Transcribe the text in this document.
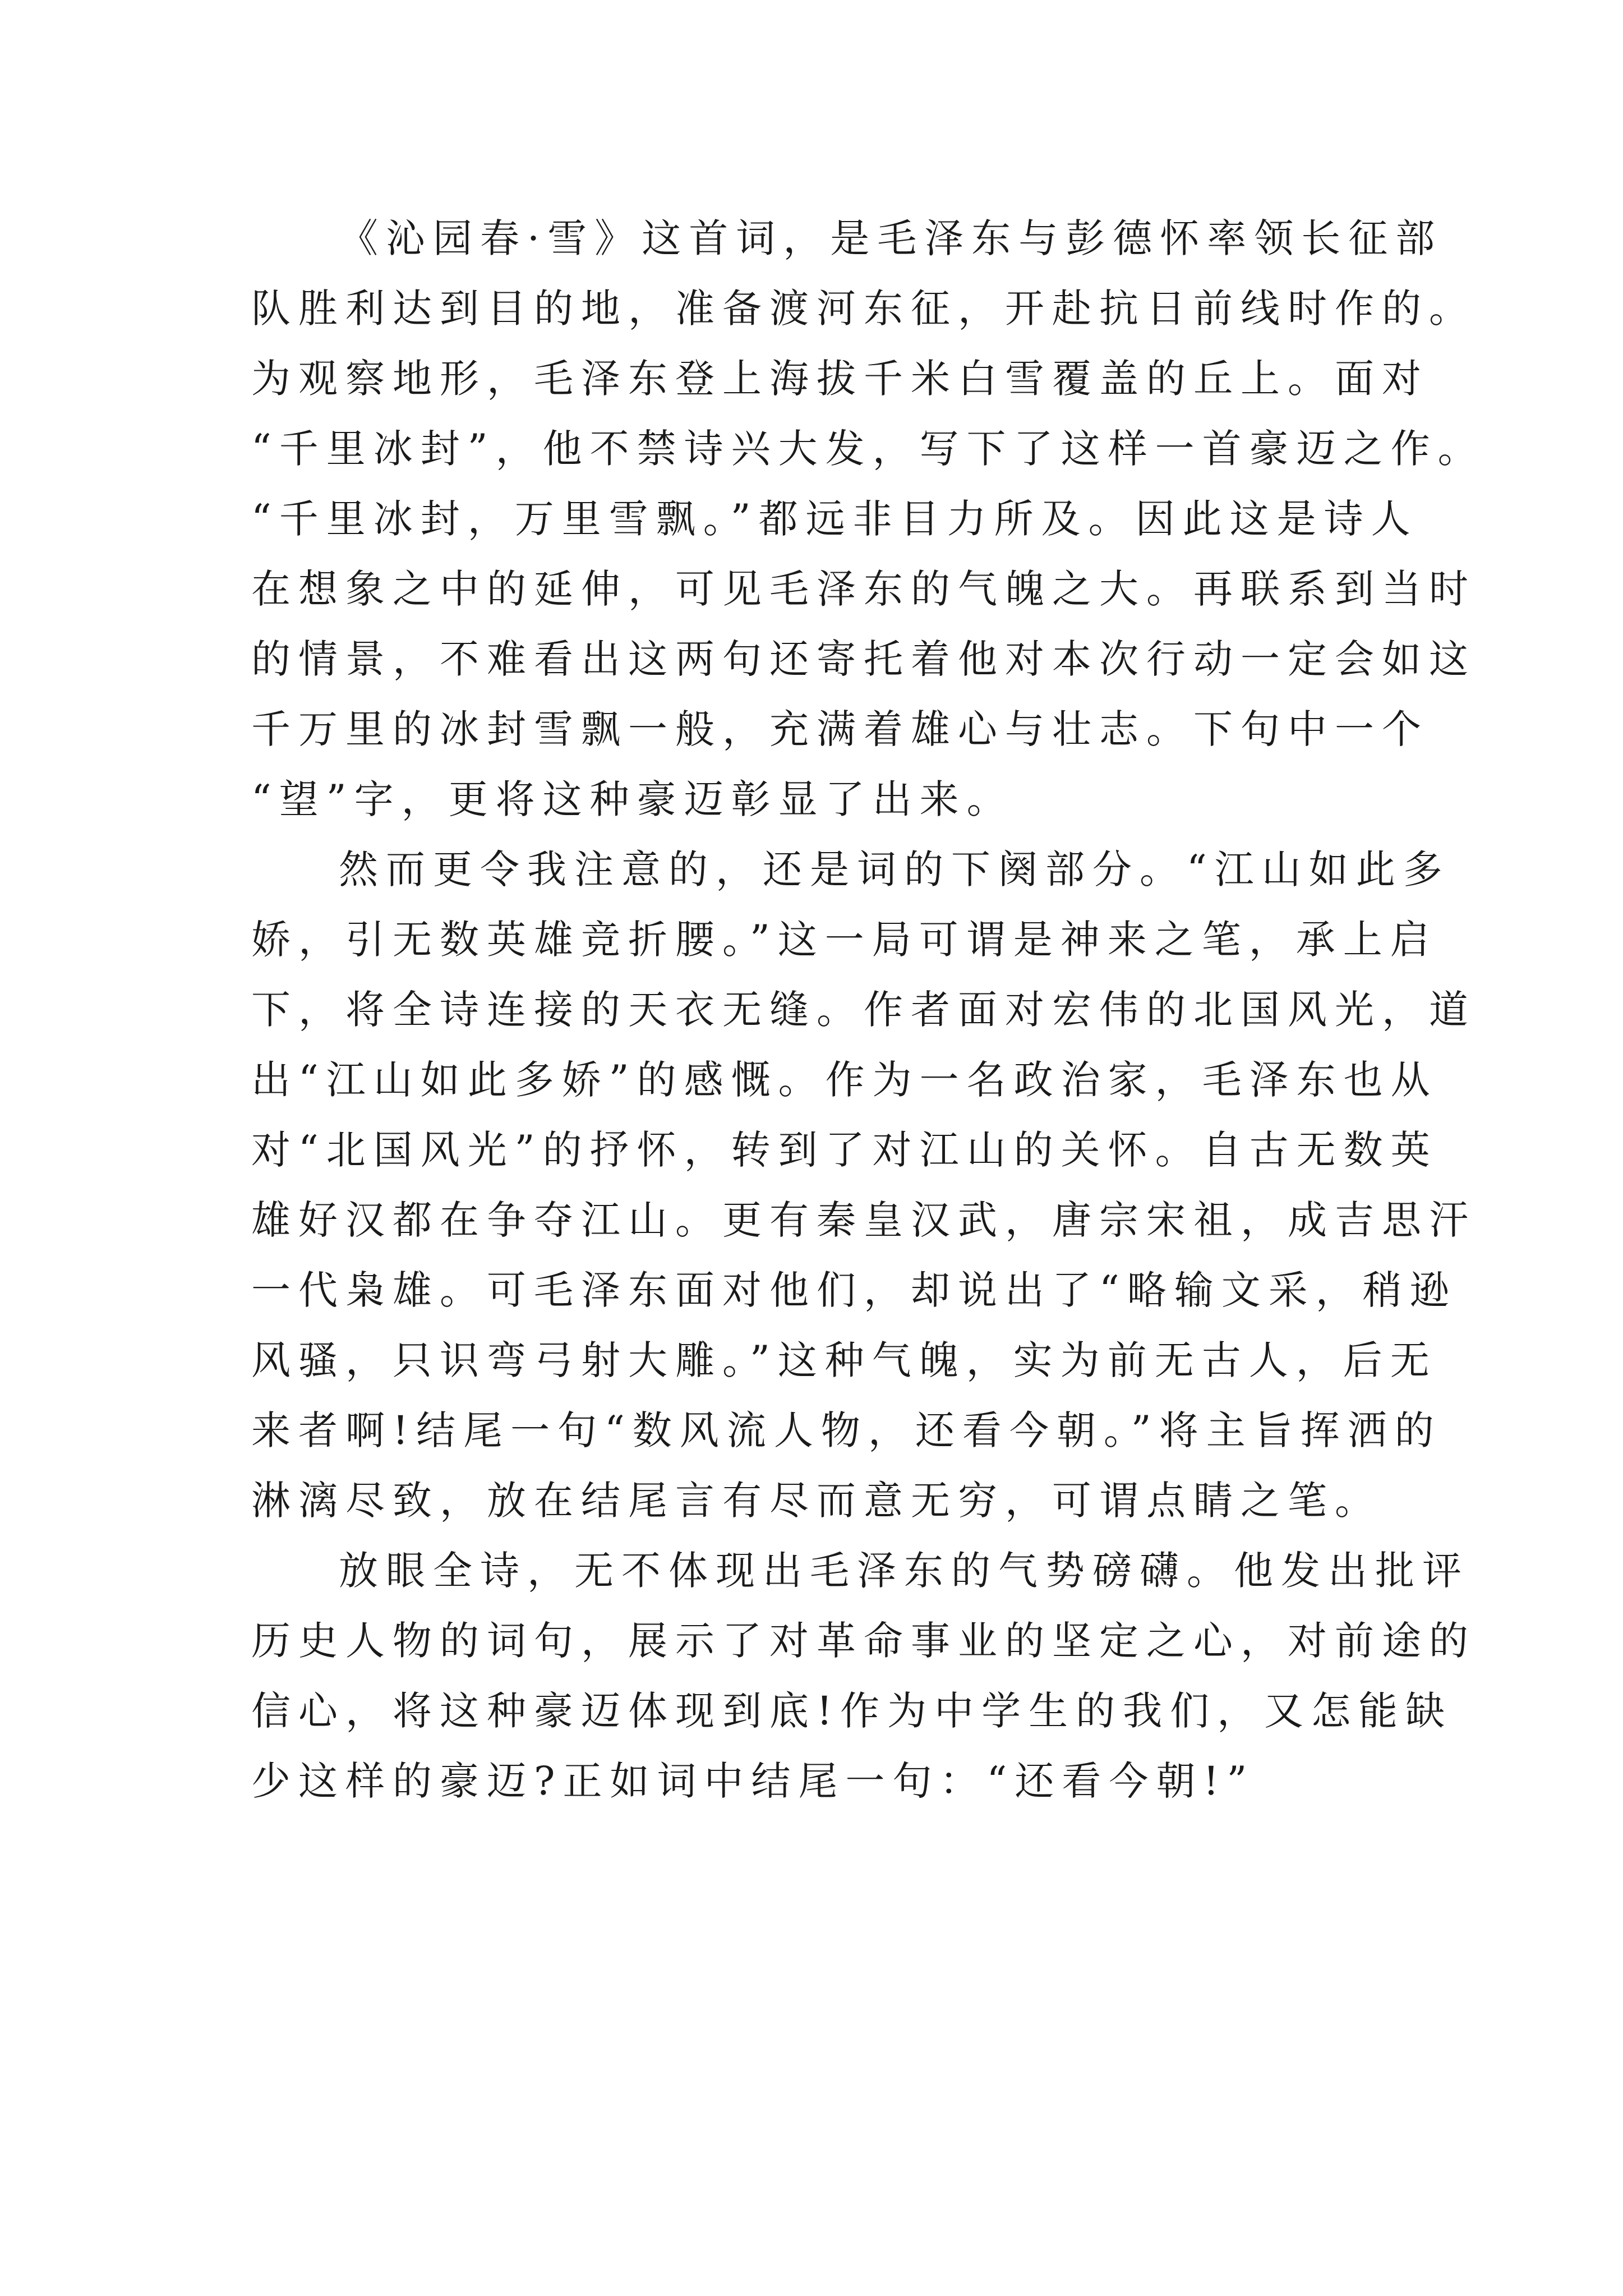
《沁园春·雪》这首词，是毛泽东与彭德怀率领长征部

队胜利达到目的地，准备渡河东征，开赴抗日前线时作的。

为观察地形，毛泽东登上海拔千米白雪覆盖的丘上。面对

“千里冰封”，他不禁诗兴大发，写下了这样一首豪迈之作。

“千里冰封，万里雪飘。”都远非目力所及。因此这是诗人

在想象之中的延伸，可见毛泽东的气魄之大。再联系到当时

的情景，不难看出这两句还寄托着他对本次行动一定会如这

千万里的冰封雪飘一般，充满着雄心与壮志。下句中一个

“望”字，更将这种豪迈彰显了出来。

然而更令我注意的，还是词的下阕部分。“江山如此多

娇，引无数英雄竞折腰。”这一局可谓是神来之笔，承上启

下，将全诗连接的天衣无缝。作者面对宏伟的北国风光，道

出“江山如此多娇”的感慨。作为一名政治家，毛泽东也从

对“北国风光”的抒怀，转到了对江山的关怀。自古无数英

雄好汉都在争夺江山。更有秦皇汉武，唐宗宋祖，成吉思汗

一代枭雄。可毛泽东面对他们，却说出了“略输文采，稍逊

风骚，只识弯弓射大雕。”这种气魄，实为前无古人，后无

来者啊!结尾一句“数风流人物，还看今朝。”将主旨挥洒的

淋漓尽致，放在结尾言有尽而意无穷，可谓点睛之笔。

放眼全诗，无不体现出毛泽东的气势磅礴。他发出批评

历史人物的词句，展示了对革命事业的坚定之心，对前途的

信心，将这种豪迈体现到底!作为中学生的我们，又怎能缺

少这样的豪迈?正如词中结尾一句：“还看今朝!”
